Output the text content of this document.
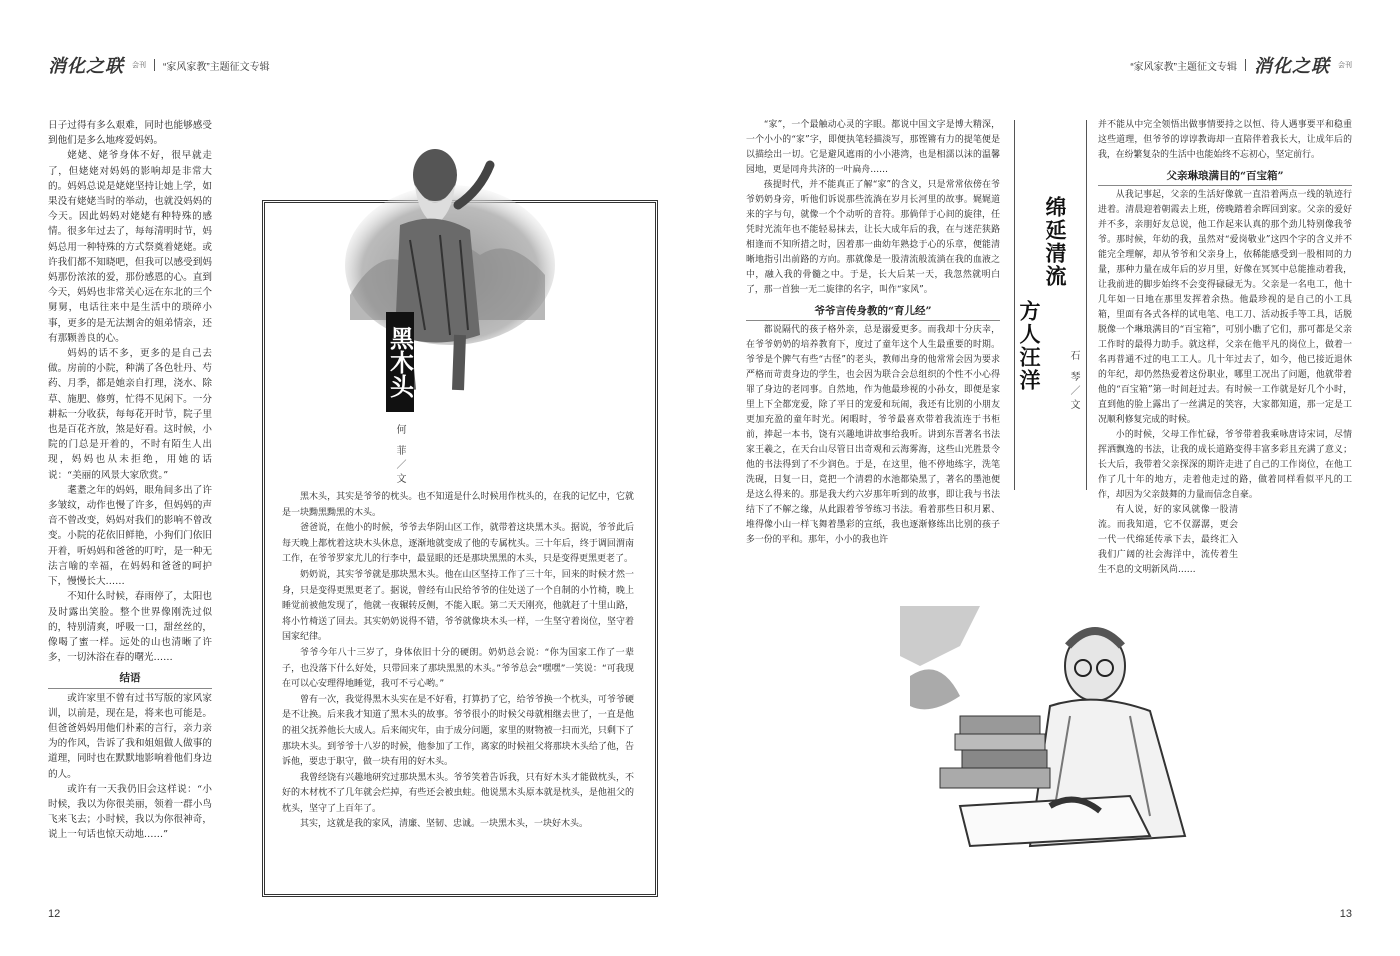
消化之联 会刊 “家风家教”主题征文专辑	“家风家教”主题征文专辑 消化之联 会刊

日子过得有多么艰难，同时也能够感受到他们是多么地疼爱妈妈。

姥姥、姥爷身体不好，很早就走了，但姥姥对妈妈的影响却是非常大的。妈妈总说是姥姥坚持让她上学，如果没有姥姥当时的举动，也就没妈妈的今天。因此妈妈对姥姥有种特殊的感情。很多年过去了，每每清明时节，妈妈总用一种特殊的方式祭奠着姥姥。或许我们都不知晓吧，但我可以感受到妈妈那份浓浓的爱，那份感恩的心。直到今天，妈妈也非常关心远在东北的三个舅舅，电话往来中是生活中的琐碎小事，更多的是无法割舍的姐弟情亲，还有那颗善良的心。

妈妈的话不多，更多的是自己去做。房前的小院，种满了各色牡丹、芍药、月季，都是她亲自打理，浇水、除草、施肥、修剪，忙得不见闲下。一分耕耘一分收获，每每花开时节，院子里也是百花齐放，煞是好看。这时候，小院的门总是开着的，不时有陌生人出现，妈妈也从未拒绝，用她的话说：“美丽的风景大家欣赏。”

耄耋之年的妈妈，眼角间多出了许多皱纹，动作也慢了许多，但妈妈的声音不曾改变，妈妈对我们的影响不曾改变。小院的花依旧鲜艳，小狗们门依旧开着，听妈妈和爸爸的叮咛，是一种无法言喻的幸福，在妈妈和爸爸的呵护下，慢慢长大……

不知什么时候，春雨停了，太阳也及时露出笑脸。整个世界像刚洗过似的，特别清爽，呼吸一口，甜丝丝的，像喝了蜜一样。远处的山也清晰了许多，一切沐浴在春的曙光……

结语

或许家里不曾有过书写版的家风家训，以前是，现在是，将来也可能是。但爸爸妈妈用他们朴素的言行，亲力亲为的作风，告诉了我和姐姐做人做事的道理，同时也在默默地影响着他们身边的人。

或许有一天我仍旧会这样说：“小时候，我以为你很美丽，领着一群小鸟飞来飞去；小时候，我以为你很神奇，说上一句话也惊天动地……”

黑木头
何 菲／文

黑木头，其实是爷爷的枕头。也不知道是什么时候用作枕头的，在我的记忆中，它就是一块黝黑黝黑的木头。

爸爸说，在他小的时候，爷爷去华阴山区工作，就带着这块黑木头。据说，爷爷此后每天晚上都枕着这块木头休息，逐渐地就变成了他的专属枕头。三十年后，终于调回渭南工作，在爷爷罗家尤儿的行李中，最显眼的还是那块黑黑的木头，只是变得更黑更老了。

奶奶说，其实爷爷就是那块黑木头。他在山区坚持工作了三十年，回来的时候才然一身，只是变得更黑更老了。据说，曾经有山民给爷爷的住处送了一个自制的小竹椅，晚上睡觉前被他发现了，他就一夜辗转反侧，不能入眠。第二天天刚亮，他就赶了十里山路，将小竹椅送了回去。其实奶奶说得不错，爷爷就像块木头一样，一生坚守着岗位，坚守着国家纪律。

爷爷今年八十三岁了，身体依旧十分的硬朗。奶奶总会说：“你为国家工作了一辈子，也没落下什么好处，只带回来了那块黑黑的木头。”爷爷总会“嘿嘿”一笑说：“可我现在可以心安理得地睡觉，我可不亏心哟。”

曾有一次，我觉得黑木头实在是不好看，打算扔了它，给爷爷换一个枕头，可爷爷硬是不让换。后来我才知道了黑木头的故事。爷爷很小的时候父母就相继去世了，一直是他的祖父抚养他长大成人。后来闹灾年，由于成分问题，家里的财物被一扫而光，只剩下了那块木头。到爷爷十八岁的时候，他参加了工作，离家的时候祖父将那块木头给了他，告诉他，要忠于职守，做一块有用的好木头。

我曾经饶有兴趣地研究过那块黑木头。爷爷笑着告诉我，只有好木头才能做枕头，不好的木材枕不了几年就会烂掉，有些还会被虫蛀。他说黑木头原本就是枕头，是他祖父的枕头，坚守了上百年了。

其实，这就是我的家风，清廉、坚韧、忠诚。一块黑木头，一块好木头。

“家”，一个最触动心灵的字眼。都说中国文字是博大精深，一个小小的“家”字，即便执笔轻描淡写，那铿锵有力的提笔便是以描绘出一切。它是避风遮雨的小小港湾，也是相濡以沫的温馨园地，更是同舟共济的一叶扁舟……

孩提时代，并不能真正了解“家”的含义，只是常常依傍在爷爷奶奶身旁，听他们诉说那些流淌在岁月长河里的故事。娓娓道来的字与句，就像一个个动听的音符。那倘佯于心间的旋律，任凭时光流年也不能轻易抹去，让长大成年后的我，在与迷茫狭路相逢而不知所措之时，因着那一曲幼年熟捻于心的乐章，便能清晰地指引出前路的方向。那就像是一股清流般流淌在我的血液之中，融入我的骨髓之中。于是，长大后某一天，我忽然就明白了，那一首独一无二旋律的名字，叫作“家风”。

爷爷言传身教的“育儿经”

都说隔代的孩子格外亲，总是溺爱更多。而我却十分庆幸，在爷爷奶奶的培养教育下，度过了童年这个人生最重要的时期。爷爷是个脾气有些“古怪”的老头，教师出身的他常常会因为要求严格而苛责身边的学生，也会因为联合会总组织的个性不小心得罪了身边的老同事。自然地，作为他最珍视的小孙女，即便是家里上下全都宠爱，除了平日的宠爱和玩闹，我还有比别的小朋友更加充盈的童年时光。闲暇时，爷爷最喜欢带着我流连于书柜前，捧起一本书，饶有兴趣地讲故事给我听。讲到东晋著名书法家王羲之，在天台山尽管日出奇观和云海雾海，这些山光胜景令他的书法得到了不少润色。于是，在这里，他不停地练字，洗笔洗砚，日复一日，竟把一个清碧的水池都染黑了，著名的墨池便是这么得来的。那是我大约六岁那年听到的故事，即让我与书法结下了不解之缘，从此跟着爷爷练习书法。看着那些日积月累、堆得像小山一样飞舞着墨彩的宣纸，我也逐渐修练出比别的孩子多一份的平和。那年，小小的我也许

绵延清流
方人汪洋	石 琴／文

并不能从中完全领悟出做事情要持之以恒、待人遇事要平和稳重这些道理，但爷爷的谆谆教诲却一直陪伴着我长大，让成年后的我，在纷繁复杂的生活中也能始终不忘初心，坚定前行。

父亲琳琅满目的“百宝箱”

从我记事起，父亲的生活好像就一直沿着两点一线的轨迹行进着。清晨迎着朝霞去上班，傍晚踏着余晖回到家。父亲的爱好并不多，亲朋好友总说，他工作起来认真的那个劲儿特别像我爷爷。那时候，年幼的我，虽然对“爱岗敬业”这四个字的含义并不能完全理解，却从爷爷和父亲身上，依稀能感受到一股相同的力量，那种力量在成年后的岁月里，好像在冥冥中总能推动着我，让我前进的脚步始终不会变得碌碌无为。父亲是一名电工，他十几年如一日地在那里发挥着余热。他最珍视的是自己的小工具箱，里面有各式各样的试电笔、电工刀、活动扳手等工具，话脱脱像一个琳琅满目的“百宝箱”，可别小瞧了它们，那可都是父亲工作时的最得力助手。就这样，父亲在他平凡的岗位上，做着一名再普通不过的电工工人。几十年过去了，如今，他已接近退休的年纪，却仍然热爱着这份职业，哪里工况出了问题，他就带着他的“百宝箱”第一时间赶过去。有时候一工作就是好几个小时，直到他的脸上露出了一丝满足的笑容，大家都知道，那一定是工况顺利修复完成的时候。

小的时候，父母工作忙碌，爷爷带着我乘咏唐诗宋词，尽情挥洒飘逸的书法，让我的成长道路变得丰富多彩且充满了意义；长大后，我带着父亲探深的期许走进了自己的工作岗位，在他工作了几十年的地方，走着他走过的路，做着同样看似平凡的工作，却因为父亲鼓舞的力量而信念自豪。

有人说，好的家风就像一股清流。而我知道，它不仅潺潺，更会一代一代绵延传承下去，最终汇入我们广阔的社会海洋中，流传着生生不息的文明新风尚……

12	13
